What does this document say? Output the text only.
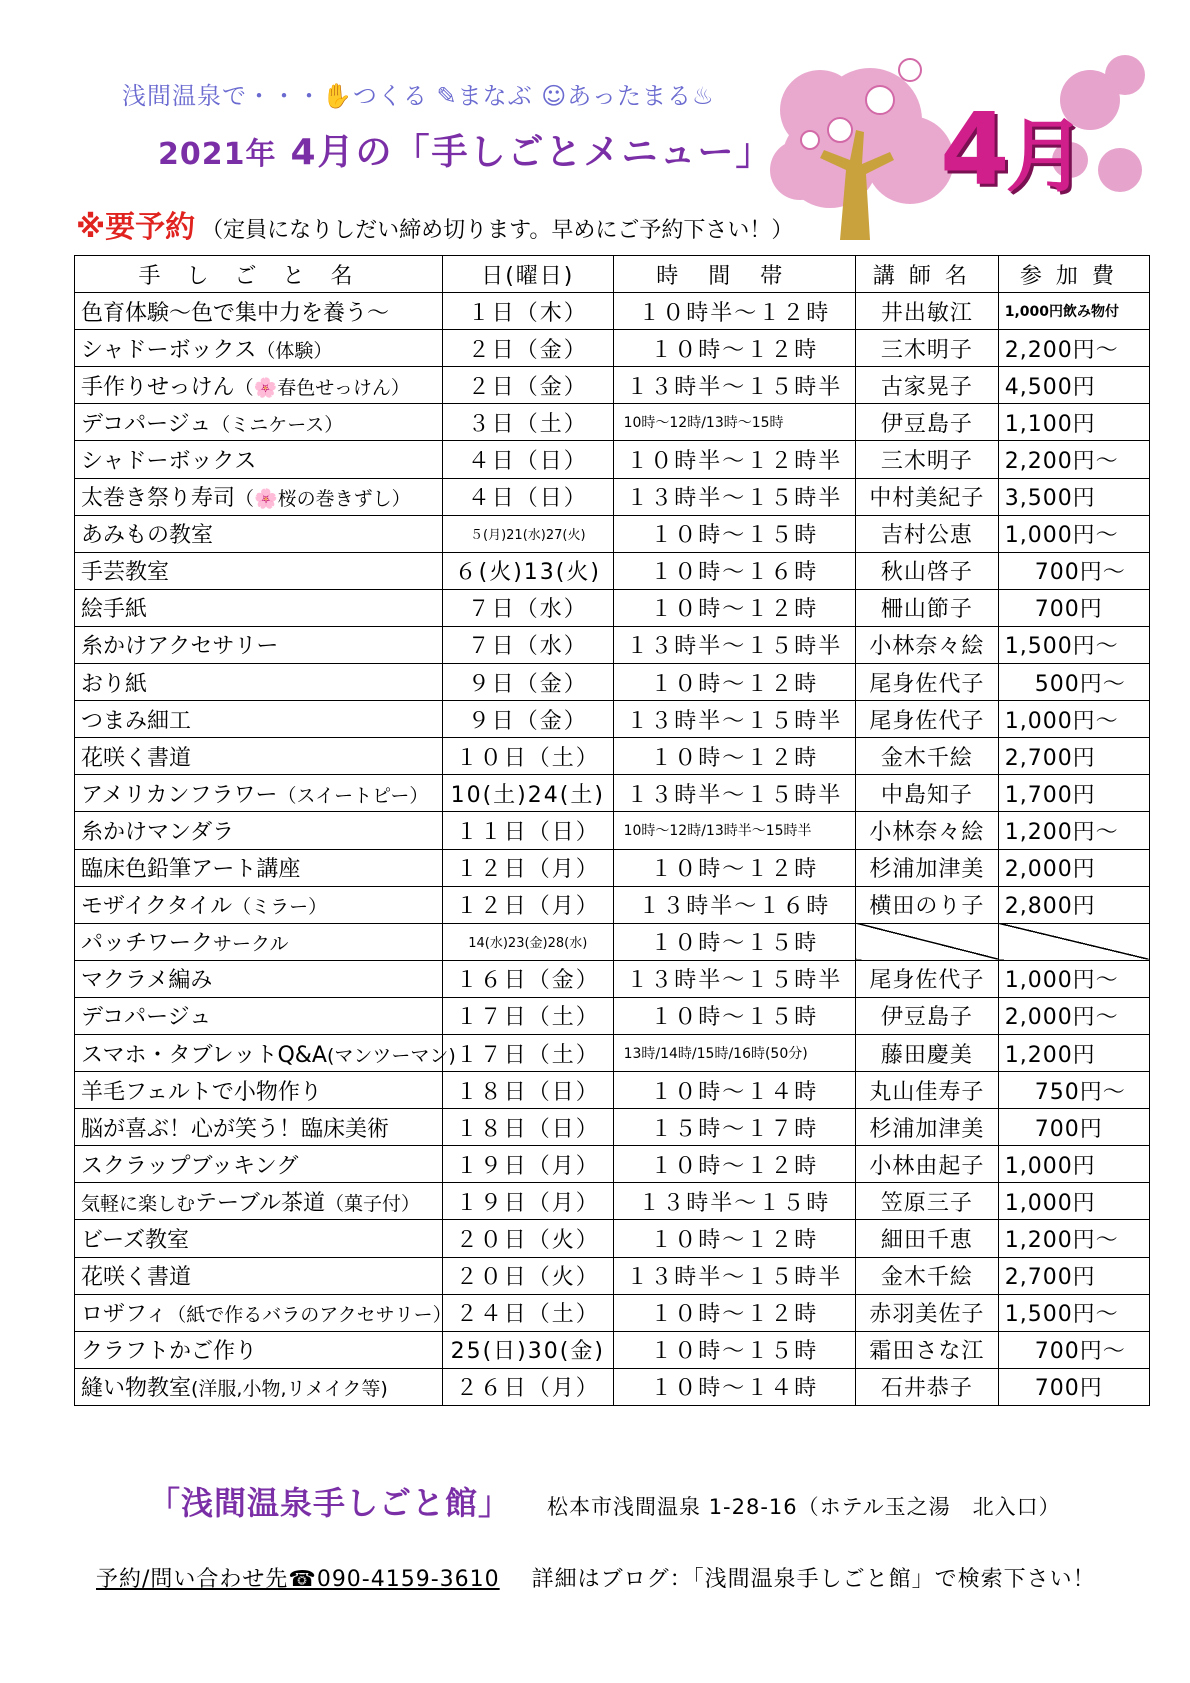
浅間温泉で・・・✋つくる ✎まなぶ ☺あったまる♨
2021年 4月の「手しごとメニュー」
※要予約 （定員になりしだい締め切ります。早めにご予約下さい！）
4月
手しごと名	日(曜日)	時間帯	講師名	参加費
色育体験～色で集中力を養う～	１日（木）	１０時半～１２時	井出敏江	1,000円飲み物付
シャドーボックス（体験）	２日（金）	１０時～１２時	三木明子	2,200円～
手作りせっけん（🌸春色せっけん）	２日（金）	１３時半～１５時半	古家晃子	4,500円
デコパージュ（ミニケース）	３日（土）	10時～12時/13時～15時	伊豆島子	1,100円
シャドーボックス	４日（日）	１０時半～１２時半	三木明子	2,200円～
太巻き祭り寿司（🌸桜の巻きずし）	４日（日）	１３時半～１５時半	中村美紀子	3,500円
あみもの教室	５(月)21(水)27(火)	１０時～１５時	吉村公恵	1,000円～
手芸教室	６(火)13(火)	１０時～１６時	秋山啓子	700円～
絵手紙	７日（水）	１０時～１２時	柵山節子	700円
糸かけアクセサリー	７日（水）	１３時半～１５時半	小林奈々絵	1,500円～
おり紙	９日（金）	１０時～１２時	尾身佐代子	500円～
つまみ細工	９日（金）	１３時半～１５時半	尾身佐代子	1,000円～
花咲く書道	１０日（土）	１０時～１２時	金木千絵	2,700円
アメリカンフラワー（スイートピー）	10(土)24(土)	１３時半～１５時半	中島知子	1,700円
糸かけマンダラ	１１日（日）	10時～12時/13時半～15時半	小林奈々絵	1,200円～
臨床色鉛筆アート講座	１２日（月）	１０時～１２時	杉浦加津美	2,000円
モザイクタイル（ミラー）	１２日（月）	１３時半～１６時	横田のり子	2,800円
パッチワークサークル	14(水)23(金)28(水)	１０時～１５時		
マクラメ編み	１６日（金）	１３時半～１５時半	尾身佐代子	1,000円～
デコパージュ	１７日（土）	１０時～１５時	伊豆島子	2,000円～
スマホ・タブレットQ&A(マンツーマン)	１７日（土）	13時/14時/15時/16時(50分)	藤田慶美	1,200円
羊毛フェルトで小物作り	１８日（日）	１０時～１４時	丸山佳寿子	750円～
脳が喜ぶ！心が笑う！臨床美術	１８日（日）	１５時～１７時	杉浦加津美	700円
スクラップブッキング	１９日（月）	１０時～１２時	小林由起子	1,000円
気軽に楽しむテーブル茶道（菓子付）	１９日（月）	１３時半～１５時	笠原三子	1,000円
ビーズ教室	２０日（火）	１０時～１２時	細田千恵	1,200円～
花咲く書道	２０日（火）	１３時半～１５時半	金木千絵	2,700円
ロザフィ（紙で作るバラのアクセサリー）	２４日（土）	１０時～１２時	赤羽美佐子	1,500円～
クラフトかご作り	25(日)30(金)	１０時～１５時	霜田さな江	700円～
縫い物教室(洋服,小物,リメイク等)	２６日（月）	１０時～１４時	石井恭子	700円
「浅間温泉手しごと館」 松本市浅間温泉 1-28-16（ホテル玉之湯　北入口）
予約/問い合わせ先☎090-4159-3610 詳細はブログ：「浅間温泉手しごと館」で検索下さい！
